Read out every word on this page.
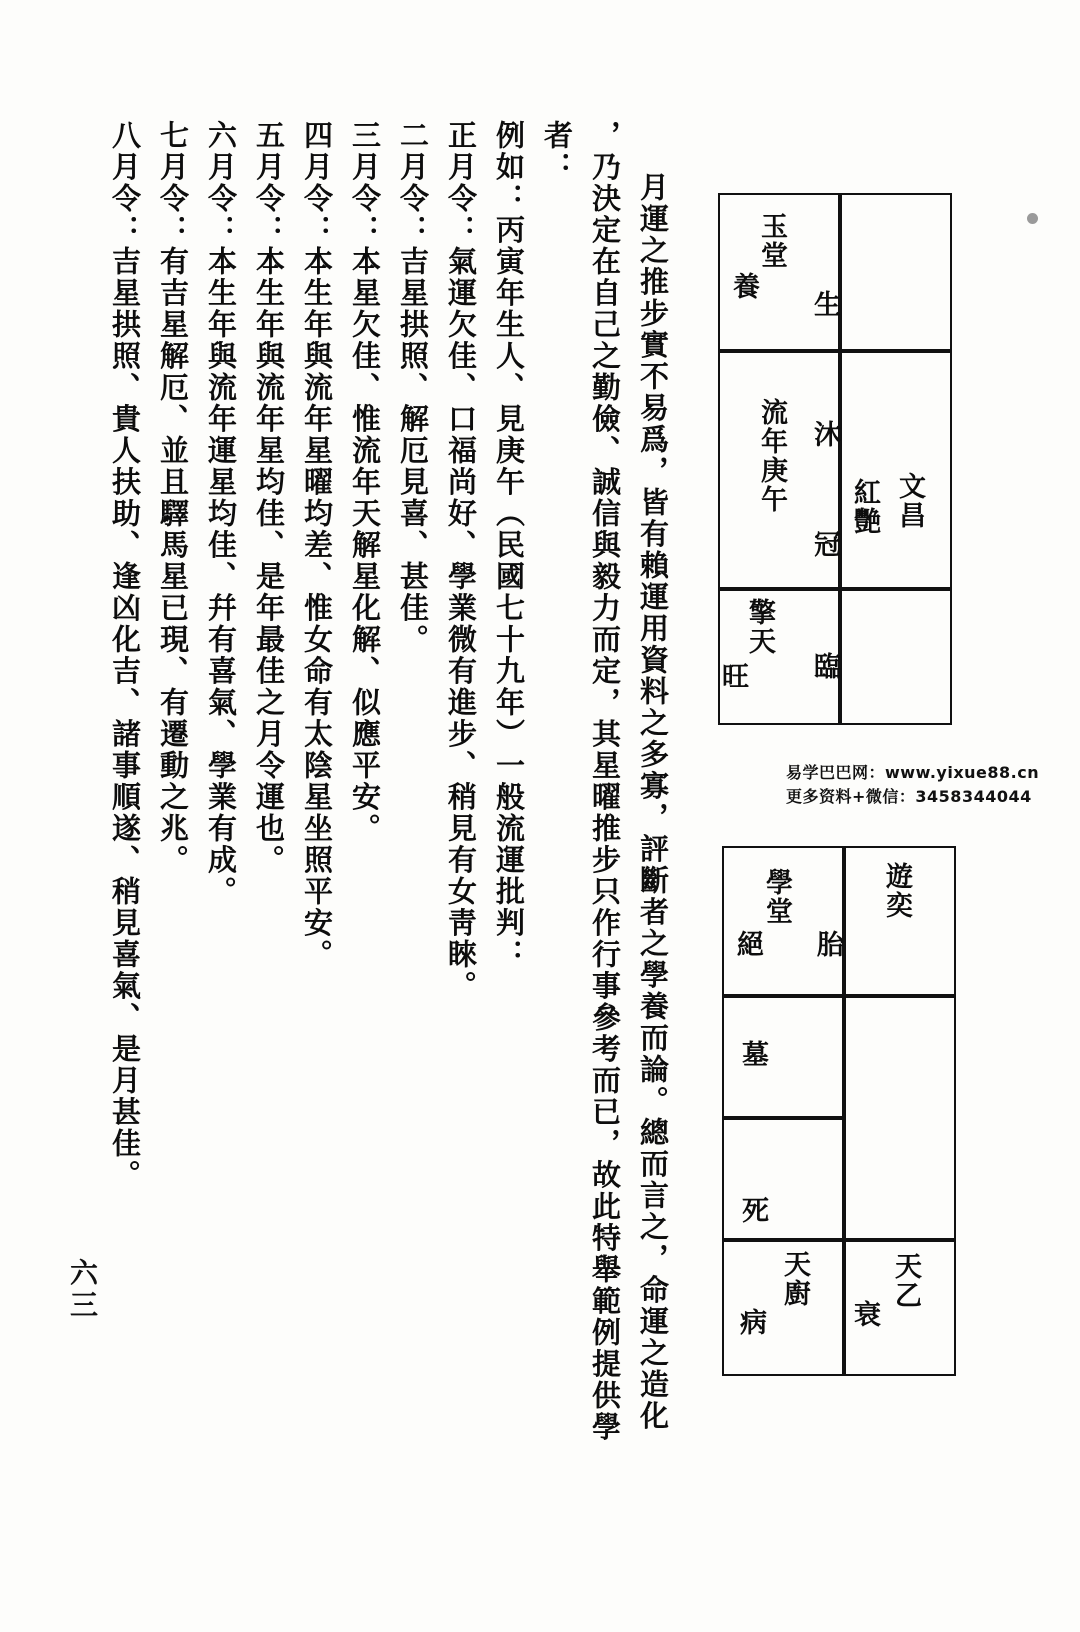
玉堂
養
生
流年庚午 沐
文昌
紅艷
冠
擎天
旺 臨
易学巴巴网：www.yixue88.cn
更多资料+微信：3458344044
學堂
絕 胎
遊奕
墓
死
天廚
病
天乙
衰
月運之推步實不易爲，皆有賴運用資料之多寡，評斷者之學養而論。總而言之，命運之造化
，乃決定在自己之勤儉、誠信與毅力而定，其星曜推步只作行事參考而已，故此特舉範例提供學
者：
例如：丙寅年生人、見庚午（民國七十九年）一般流運批判：
正月令：氣運欠佳、口福尚好、學業微有進步、稍見有女靑睞。
二月令：吉星拱照、解厄見喜、甚佳。
三月令：本星欠佳、惟流年天解星化解、似應平安。
四月令：本生年與流年星曜均差、惟女命有太陰星坐照平安。
五月令：本生年與流年星均佳、是年最佳之月令運也。
六月令：本生年與流年運星均佳、幷有喜氣、學業有成。
七月令：有吉星解厄、並且驛馬星已現、有遷動之兆。
八月令：吉星拱照、貴人扶助、逢凶化吉、諸事順遂、稍見喜氣、是月甚佳。
六三
